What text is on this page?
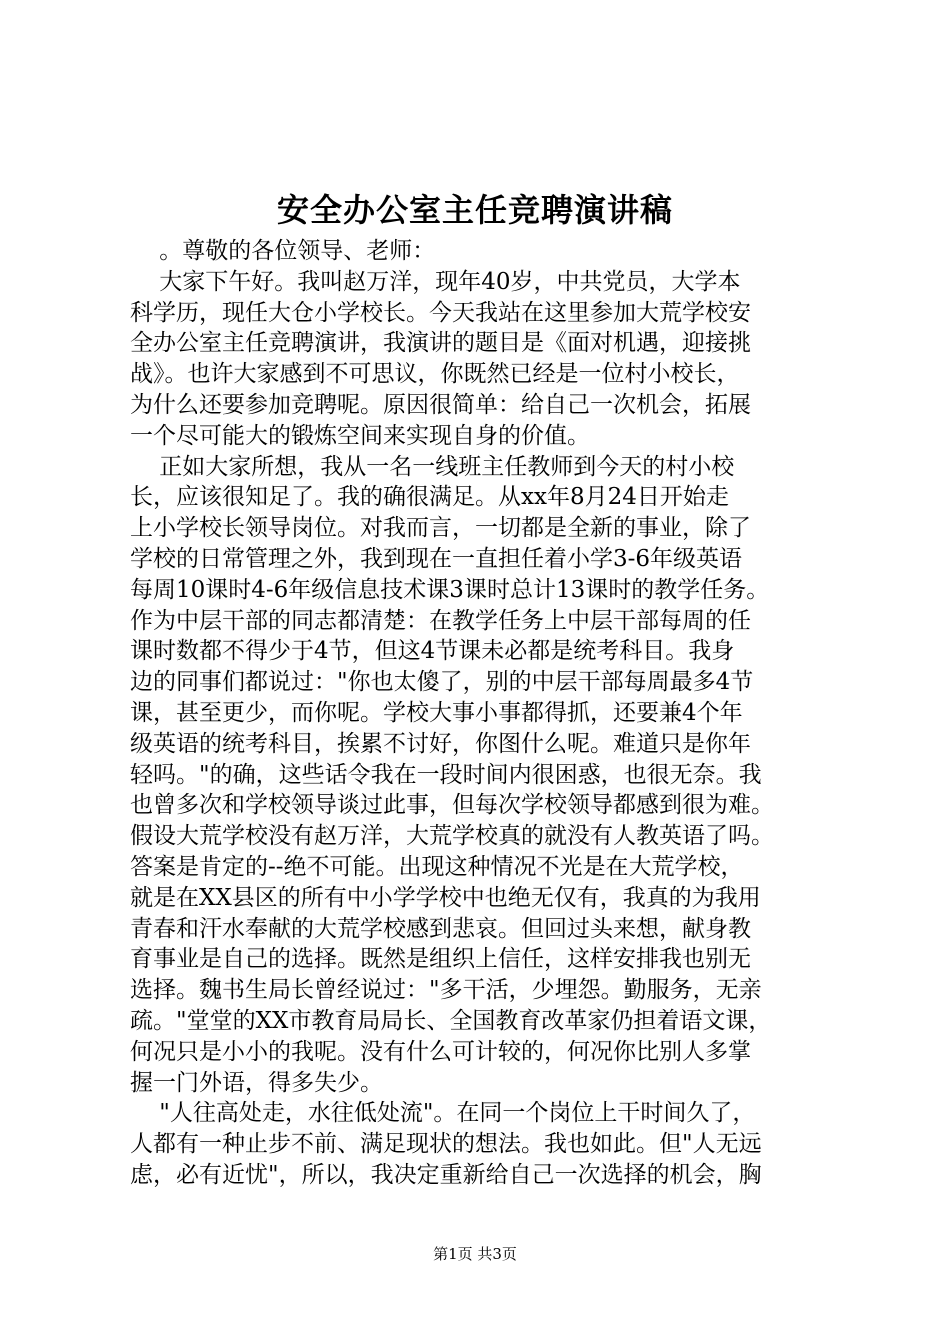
安全办公室主任竞聘演讲稿
。尊敬的各位领导、老师：
大家下午好。我叫赵万洋，现年40岁，中共党员，大学本
科学历，现任大仓小学校长。今天我站在这里参加大荒学校安
全办公室主任竞聘演讲，我演讲的题目是《面对机遇，迎接挑
战》。也许大家感到不可思议，你既然已经是一位村小校长，
为什么还要参加竞聘呢。原因很简单：给自己一次机会，拓展
一个尽可能大的锻炼空间来实现自身的价值。
正如大家所想，我从一名一线班主任教师到今天的村小校
长，应该很知足了。我的确很满足。从xx年8月24日开始走
上小学校长领导岗位。对我而言，一切都是全新的事业，除了
学校的日常管理之外，我到现在一直担任着小学3-6年级英语
每周10课时4-6年级信息技术课3课时总计13课时的教学任务。
作为中层干部的同志都清楚：在教学任务上中层干部每周的任
课时数都不得少于4节，但这4节课未必都是统考科目。我身
边的同事们都说过："你也太傻了，别的中层干部每周最多4节
课，甚至更少，而你呢。学校大事小事都得抓，还要兼4个年
级英语的统考科目，挨累不讨好，你图什么呢。难道只是你年
轻吗。"的确，这些话令我在一段时间内很困惑，也很无奈。我
也曾多次和学校领导谈过此事，但每次学校领导都感到很为难。
假设大荒学校没有赵万洋，大荒学校真的就没有人教英语了吗。
答案是肯定的--绝不可能。出现这种情况不光是在大荒学校，
就是在XX县区的所有中小学学校中也绝无仅有，我真的为我用
青春和汗水奉献的大荒学校感到悲哀。但回过头来想，献身教
育事业是自己的选择。既然是组织上信任，这样安排我也别无
选择。魏书生局长曾经说过："多干活，少埋怨。勤服务，无亲
疏。"堂堂的XX市教育局局长、全国教育改革家仍担着语文课，
何况只是小小的我呢。没有什么可计较的，何况你比别人多掌
握一门外语，得多失少。
"人往高处走，水往低处流"。在同一个岗位上干时间久了，
人都有一种止步不前、满足现状的想法。我也如此。但"人无远
虑，必有近忧"，所以，我决定重新给自己一次选择的机会，胸
第1页 共3页
